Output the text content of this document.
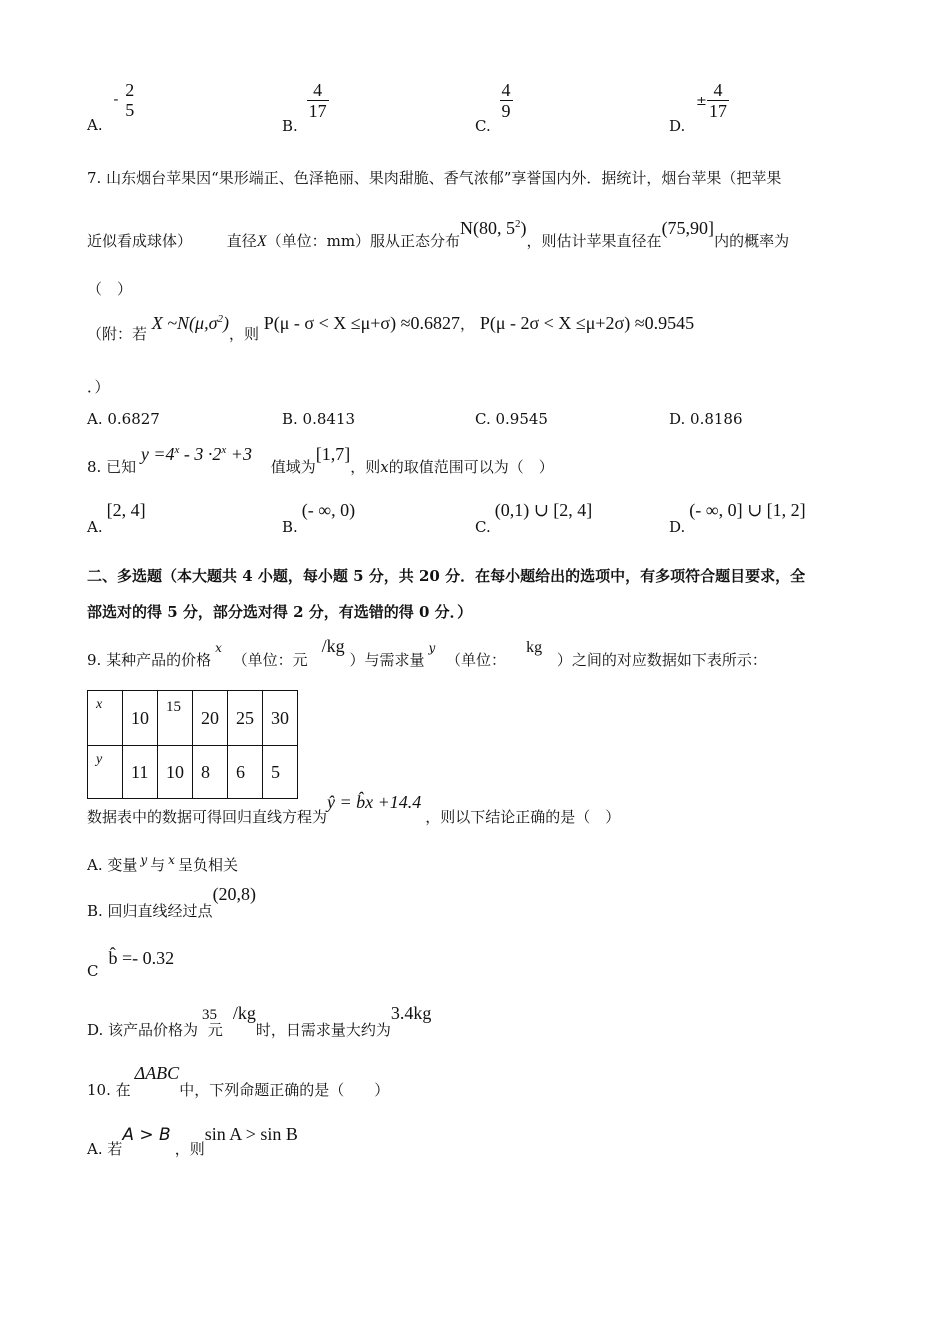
A. - 2
5
B.
$\frac{4}{17}$
C.
$\frac{4}{9}$
D. ± $\frac{4}{17}$
7. 山东烟台苹果因“果形端正、色泽艳丽、果肉甜脆、香气浓郁”享誉国内外．据统计，烟台苹果（把苹果
近似看成球体） 直径X（单位：mm）服从正态分布N(80, $5^2$)，则估计苹果直径在(75,90]内的概率为
（　）
（附：若 X $\sim N(\mu,\sigma^2)$，则 P(μ - σ < X ≤μ+σ) ≈0.6827， P(μ - 2σ < X ≤μ+2σ) ≈0.9545
．）
A. 0.6827	B. 0.8413	C. 0.9545	D. 0.8186
8. 已知 $y =4^x - 3 \cdot 2^x +3$ 值域为[1,7]，则x的取值范围可以为（　）
A.[2, 4]
B.(- ∞, 0)
C.(0,1) ∪ [2, 4]
D.(- ∞, 0] ∪ [1, 2]
二、多选题（本大题共 4 小题，每小题 5 分，共 20 分．在每小题给出的选项中，有多项符合题目要求，全
部选对的得 5 分，部分选对得 2 分，有选错的得 0 分．）
9. 某种产品的价格x （单位：元/kg ）与需求量y （单位：kg ）之间的对应数据如下表所示：
x	10	15	20	25	30
y	11	10	8	6	5
数据表中的数据可得回归直线方程为ŷ = b̂x +14.4，则以下结论正确的是（　）
A. 变量 y 与 x 呈负相关
B. 回归直线经过点(20,8)
Cb̂ =- 0.32
D. 该产品价格为35 元/kg时，日需求量大约为3.4kg
10. 在ΔABC中，下列命题正确的是（　　）
A. 若A > B，则sin A > sin B
